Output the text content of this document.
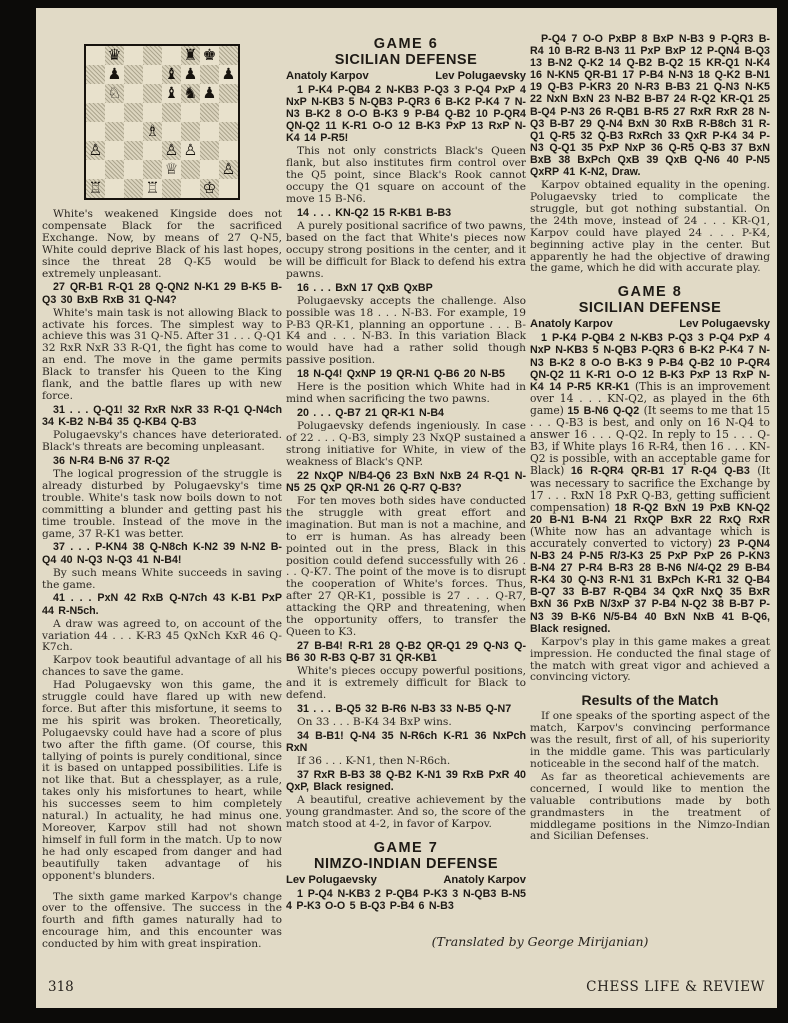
♛	♜ ♚
♟	♝ ♟ ♟
♘	♝ ♞ ♟
♗
♙	♙ ♙
♕	♙
♖	♖	♔
White's weakened Kingside does not compensate Black for the sacrificed Exchange. Now, by means of 27 Q-N5, White could deprive Black of his last hopes, since the threat 28 Q-K5 would be extremely unpleasant.
27 QR-B1 R-Q1 28 Q-QN2 N-K1 29 B-K5 B-Q3 30 BxB RxB 31 Q-N4?
White's main task is not allowing Black to activate his forces. The simplest way to achieve this was 31 Q-N5. After 31 . . . Q-Q1 32 RxR NxR 33 R-Q1, the fight has come to an end. The move in the game permits Black to transfer his Queen to the King flank, and the battle flares up with new force.
31 . . . Q-Q1! 32 RxR NxR 33 R-Q1 Q-N4ch 34 K-B2 N-B4 35 Q-KB4 Q-B3
Polugaevsky's chances have deteriorated. Black's threats are becoming unpleasant.
36 N-R4 B-N6 37 R-Q2
The logical progression of the struggle is already disturbed by Polugaevsky's time trouble. White's task now boils down to not committing a blunder and getting past his time trouble. Instead of the move in the game, 37 R-K1 was better.
37 . . . P-KN4 38 Q-N8ch K-N2 39 N-N2 B-Q4 40 N-Q3 N-Q3 41 N-B4!
By such means White succeeds in saving the game.
41 . . . PxN 42 RxB Q-N7ch 43 K-B1 PxP 44 R-N5ch.
A draw was agreed to, on account of the variation 44 . . . K-R3 45 QxNch KxR 46 Q-K7ch.
Karpov took beautiful advantage of all his chances to save the game.
Had Polugaevsky won this game, the struggle could have flared up with new force. But after this misfortune, it seems to me his spirit was broken. Theoretically, Polugaevsky could have had a score of plus two after the fifth game. (Of course, this tallying of points is purely conditional, since it is based on untapped possibilities. Life is not like that. But a chessplayer, as a rule, takes only his misfortunes to heart, while his successes seem to him completely natural.) In actuality, he had minus one. Moreover, Karpov still had not shown himself in full form in the match. Up to now he had only escaped from danger and had beautifully taken advantage of his opponent's blunders.
The sixth game marked Karpov's change over to the offensive. The success in the fourth and fifth games naturally had to encourage him, and this encounter was conducted by him with great inspiration.
GAME 6
SICILIAN DEFENSE
Anatoly Karpov	Lev Polugaevsky
1 P-K4 P-QB4 2 N-KB3 P-Q3 3 P-Q4 PxP 4 NxP N-KB3 5 N-QB3 P-QR3 6 B-K2 P-K4 7 N-N3 B-K2 8 O-O B-K3 9 P-B4 Q-B2 10 P-QR4 QN-Q2 11 K-R1 O-O 12 B-K3 PxP 13 RxP N-K4 14 P-R5!
This not only constricts Black's Queen flank, but also institutes firm control over the Q5 point, since Black's Rook cannot occupy the Q1 square on account of the move 15 B-N6.
14 . . . KN-Q2 15 R-KB1 B-B3
A purely positional sacrifice of two pawns, based on the fact that White's pieces now occupy strong positions in the center, and it will be difficult for Black to defend his extra pawns.
16 . . . BxN 17 QxB QxBP
Polugaevsky accepts the challenge. Also possible was 18 . . . N-B3. For example, 19 P-B3 QR-K1, planning an opportune . . . B-K4 and . . . N-B3. In this variation Black would have had a rather solid though passive position.
18 N-Q4! QxNP 19 QR-N1 Q-B6 20 N-B5
Here is the position which White had in mind when sacrificing the two pawns.
20 . . . Q-B7 21 QR-K1 N-B4
Polugaevsky defends ingeniously. In case of 22 . . . Q-B3, simply 23 NxQP sustained a strong initiative for White, in view of the weakness of Black's QNP.
22 NxQP N/B4-Q6 23 BxN NxB 24 R-Q1 N-N5 25 QxP QR-N1 26 Q-R7 Q-B3?
For ten moves both sides have conducted the struggle with great effort and imagination. But man is not a machine, and to err is human. As has already been pointed out in the press, Black in this position could defend successfully with 26 . . . Q-K7. The point of the move is to disrupt the cooperation of White's forces. Thus, after 27 QR-K1, possible is 27 . . . Q-R7, attacking the QRP and threatening, when the opportunity offers, to transfer the Queen to K3.
27 B-B4! R-R1 28 Q-B2 QR-Q1 29 Q-N3 Q-B6 30 R-B3 Q-B7 31 QR-KB1
White's pieces occupy powerful positions, and it is extremely difficult for Black to defend.
31 . . . B-Q5 32 B-R6 N-B3 33 N-B5 Q-N7
On 33 . . . B-K4 34 BxP wins.
34 B-B1! Q-N4 35 N-R6ch K-R1 36 NxPch RxN
If 36 . . . K-N1, then N-R6ch.
37 RxR B-B3 38 Q-B2 K-N1 39 RxB PxR 40 QxP, Black resigned.
A beautiful, creative achievement by the young grandmaster. And so, the score of the match stood at 4-2, in favor of Karpov.
GAME 7
NIMZO-INDIAN DEFENSE
Lev Polugaevsky	Anatoly Karpov
1 P-Q4 N-KB3 2 P-QB4 P-K3 3 N-QB3 B-N5 4 P-K3 O-O 5 B-Q3 P-B4 6 N-B3
P-Q4 7 O-O PxBP 8 BxP N-B3 9 P-QR3 B-R4 10 B-R2 B-N3 11 PxP BxP 12 P-QN4 B-Q3 13 B-N2 Q-K2 14 Q-B2 B-Q2 15 KR-Q1 N-K4 16 N-KN5 QR-B1 17 P-B4 N-N3 18 Q-K2 B-N1 19 Q-B3 P-KR3 20 N-R3 B-B3 21 Q-N3 N-K5 22 NxN BxN 23 N-B2 B-B7 24 R-Q2 KR-Q1 25 B-Q4 P-N3 26 R-QB1 B-R5 27 RxR RxR 28 N-Q3 B-B7 29 Q-N4 BxN 30 RxB R-B8ch 31 R-Q1 Q-R5 32 Q-B3 RxRch 33 QxR P-K4 34 P-N3 Q-Q1 35 PxP NxP 36 Q-R5 Q-B3 37 BxN BxB 38 BxPch QxB 39 QxB Q-N6 40 P-N5 QxRP 41 K-N2, Draw.
Karpov obtained equality in the opening. Polugaevsky tried to complicate the struggle, but got nothing substantial. On the 24th move, instead of 24 . . . KR-Q1, Karpov could have played 24 . . . P-K4, beginning active play in the center. But apparently he had the objective of drawing the game, which he did with accurate play.
GAME 8
SICILIAN DEFENSE
Anatoly Karpov	Lev Polugaevsky
1 P-K4 P-QB4 2 N-KB3 P-Q3 3 P-Q4 PxP 4 NxP N-KB3 5 N-QB3 P-QR3 6 B-K2 P-K4 7 N-N3 B-K2 8 O-O B-K3 9 P-B4 Q-B2 10 P-QR4 QN-Q2 11 K-R1 O-O 12 B-K3 PxP 13 RxP N-K4 14 P-R5 KR-K1 (This is an improvement over 14 . . . KN-Q2, as played in the 6th game) 15 B-N6 Q-Q2 (It seems to me that 15 . . . Q-B3 is best, and only on 16 N-Q4 to answer 16 . . . Q-Q2. In reply to 15 . . . Q-B3, if White plays 16 R-R4, then 16 . . . KN-Q2 is possible, with an acceptable game for Black) 16 R-QR4 QR-B1 17 R-Q4 Q-B3 (It was necessary to sacrifice the Exchange by 17 . . . RxN 18 PxR Q-B3, getting sufficient compensation) 18 R-Q2 BxN 19 PxB KN-Q2 20 B-N1 B-N4 21 RxQP BxR 22 RxQ RxR (White now has an advantage which is accurately converted to victory) 23 P-QN4 N-B3 24 P-N5 R/3-K3 25 PxP PxP 26 P-KN3 B-N4 27 P-R4 B-R3 28 B-N6 N/4-Q2 29 B-B4 R-K4 30 Q-N3 R-N1 31 BxPch K-R1 32 Q-B4 B-Q7 33 B-B7 R-QB4 34 QxR NxQ 35 BxR BxN 36 PxB N/3xP 37 P-B4 N-Q2 38 B-B7 P-N3 39 B-K6 N/5-B4 40 BxN NxB 41 B-Q6, Black resigned.
Karpov's play in this game makes a great impression. He conducted the final stage of the match with great vigor and achieved a convincing victory.
Results of the Match
If one speaks of the sporting aspect of the match, Karpov's convincing performance was the result, first of all, of his superiority in the middle game. This was particularly noticeable in the second half of the match.
As far as theoretical achievements are concerned, I would like to mention the valuable contributions made by both grandmasters in the treatment of middlegame positions in the Nimzo-Indian and Sicilian Defenses.
(Translated by George Mirijanian)
318	CHESS LIFE & REVIEW
